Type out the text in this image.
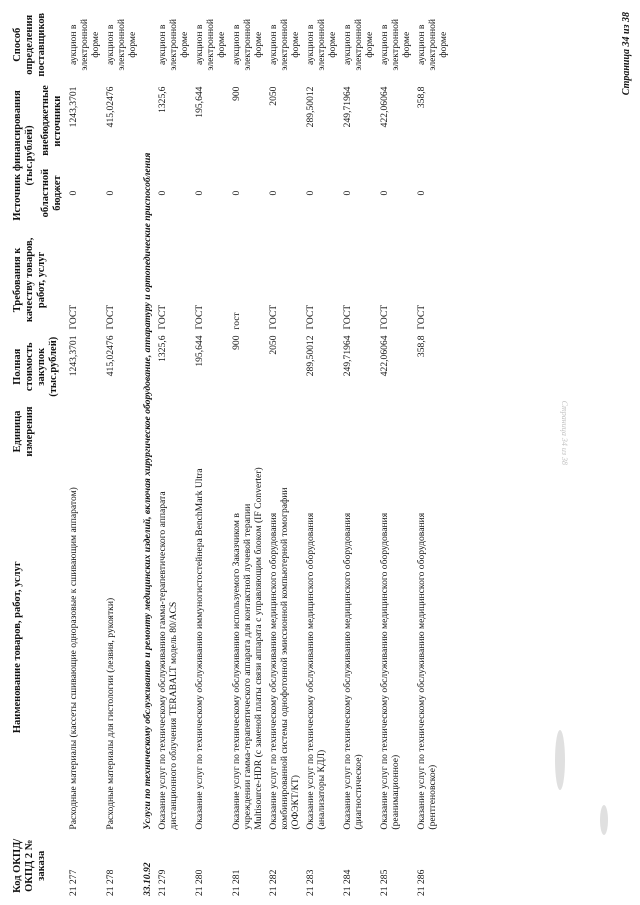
Код ОКПД/ ОКПД 2 № заказа	Наименование товаров, работ, услуг	Единица измерения	Полная стоимость закупок (тыс.рублей)	Требования к качеству товаров, работ, услуг	Источник финансирования (тыс.рублей)		Способ определения поставщиков
					областной бюджет	внебюджетные источники	
21 277	Расходные материалы (кассеты сшивающие одноразовые к сшивающим аппаратом)		1243,3701	ГОСТ	0	1243,3701	аукцион в электронной форме
21 278	Расходные материалы для гистологии (лезвия, рукоятки)		415,02476	ГОСТ	0	415,02476	аукцион в электронной форме
33.10.92	Услуги по техническому обслуживанию и ремонту медицинских изделий, включая хирургическое оборудование, аппаратуру и ортопедические приспособления						
21 279	Оказание услуг по техническому обслуживанию гамма-терапевтического аппарата дистанционного облучения TERABALT модель 80/ACS		1325,6	ГОСТ	0	1325,6	аукцион в электронной форме
21 280	Оказание услуг по техническому обслуживанию иммуногистостейнера BenchMark Ultra		195,644	ГОСТ	0	195,644	аукцион в электронной форме
21 281	Оказание услуг по техническому обслуживанию используемого Заказчиком в учреждении гамма-терапевтического аппарата для контактной лучевой терапии Multisource-HDR (с заменой платы связи аппарата с управляющим блоком (IF Converter)		900	гост	0	900	аукцион в электронной форме
21 282	Оказание услуг по техническому обслуживанию медицинского оборудования комбинированной системы однофотонной эмиссионной компьютерной томографии (ОФЭКТ/КТ)		2050	ГОСТ	0	2050	аукцион в электронной форме
21 283	Оказание услуг по техническому обслуживанию медицинского оборудования (анализаторы КДЛ)		289,50012	ГОСТ	0	289,50012	аукцион в электронной форме
21 284	Оказание услуг по техническому обслуживанию медицинского оборудования (диагностическое)		249,71964	ГОСТ	0	249,71964	аукцион в электронной форме
21 285	Оказание услуг по техническому обслуживанию медицинского оборудования (реанимационное)		422,06064	ГОСТ	0	422,06064	аукцион в электронной форме
21 286	Оказание услуг по техническому обслуживанию медицинского оборудования (рентгеновское)		358,8	ГОСТ	0	358,8	аукцион в электронной форме
Страница 34 из 38
Страница 34 из 38
